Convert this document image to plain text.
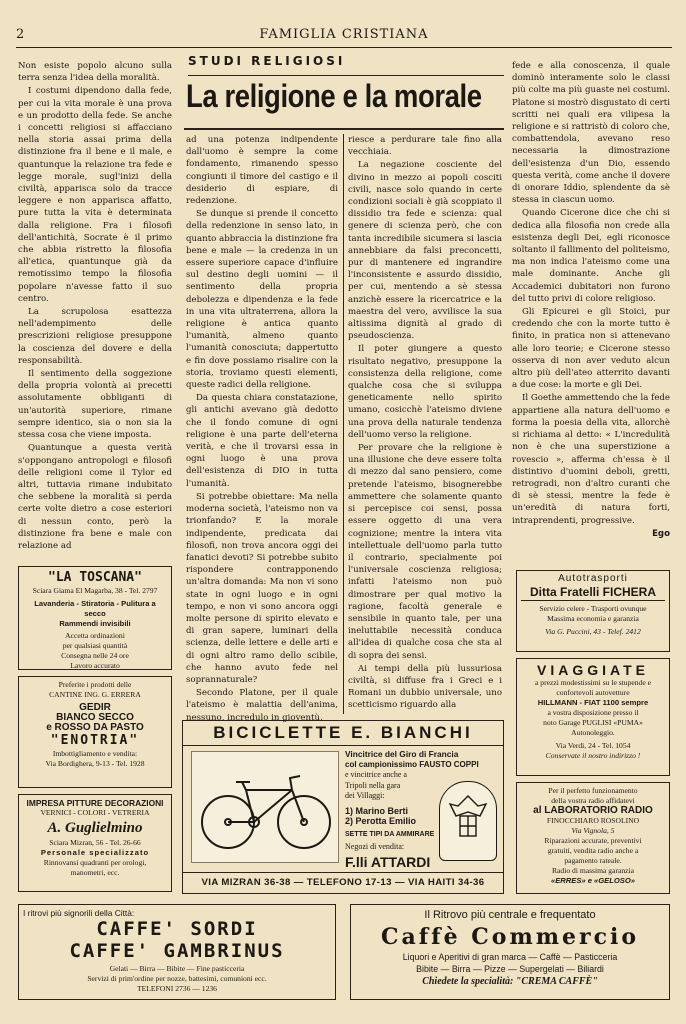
2	FAMIGLIA CRISTIANA

Non esiste popolo alcuno sulla terra senza l'idea della moralità.

I costumi dipendono dalla fede, per cui la vita morale è una prova e un prodotto della fede. Se anche i concetti religiosi si affacciano nella storia assai prima della distinzione fra il bene e il male, e quantunque la relazione tra fede e legge morale, sugl'inizi della civiltà, apparisca solo da tracce leggere e non apparisca affatto, pure tutta la vita è determinata dalla religione. Fra i filosofi dell'antichità, Socrate è il primo che abbia ristretto la filosofia all'etica, quantunque già da remotissimo tempo la filosofia popolare n'avesse fatto il suo centro.

La scrupolosa esattezza nell'adempimento delle prescrizioni religiose presuppone la coscienza del dovere e della responsabilità.

Il sentimento della soggezione della propria volontà ai precetti assolutamente obbliganti di un'autorità superiore, rimane sempre identico, sia o non sia la stessa cosa che viene imposta.

Quantunque a questa verità s'oppongano antropologi e filosofi delle religioni come il Tylor ed altri, tuttavia rimane indubitato che sebbene la moralità si perda certe volte dietro a cose esteriori di nessun conto, però la distinzione fra bene e male con relazione ad

STUDI RELIGIOSI
La religione e la morale

ad una potenza indipendente dall'uomo è sempre la come fondamento, rimanendo spesso congiunti il timore del castigo e il desiderio di espiare, di redenzione.

Se dunque si prende il concetto della redenzione in senso lato, in quanto abbraccia la distinzione fra bene e male — la credenza in un essere superiore capace d'influire sul destino degli uomini — il sentimento della propria debolezza e dipendenza e la fede in una vita ultraterrena, allora la religione è antica quanto l'umanità, almeno quanto l'umanità conosciuta; dappertutto e fin dove possiamo risalire con la storia, troviamo questi elementi, queste radici della religione.

Da questa chiara constatazione, gli antichi avevano già dedotto che il fondo comune di ogni religione è una parte dell'eterna verità, e che il trovarsi essa in ogni luogo è una prova dell'esistenza di DIO in tutta l'umanità.

Si potrebbe obiettare: Ma nella moderna società, l'ateismo non va trionfando? E la morale indipendente, predicata dai filosofi, non trova ancora oggi dei fanatici devoti? Si potrebbe subito rispondere contrapponendo un'altra domanda: Ma non vi sono state in ogni luogo e in ogni tempo, e non vi sono ancora oggi molte persone di spirito elevato e di gran sapere, luminari della scienza, delle lettere e delle arti e di ogni altro ramo dello scibile, che hanno avuto fede nel soprannaturale?

Secondo Platone, per il quale l'ateismo è malattia dell'anima, nessuno, incredulo in gioventù,

riesce a perdurare tale fino alla vecchiaia.

La negazione cosciente del divino in mezzo ai popoli cosciti civili, nasce solo quando in certe condizioni sociali è già scoppiato il dissidio tra fede e scienza: qual genere di scienza però, che con tanta incredibile sicumera si lascia annebbiare da falsi preconcetti, pur di mantenere ed ingrandire l'inconsistente e assurdo dissidio, per cui, mentendo a sè stessa anzichè essere la ricercatrice e la maestra del vero, avvilisce la sua altissima dignità al grado di pseudoscienza.

Il poter giungere a questo risultato negativo, presuppone la consistenza della religione, come qualche cosa che si sviluppa geneticamente nello spirito umano, cosicchè l'ateismo diviene una prova della naturale tendenza dell'uomo verso la religione.

Per provare che la religione è una illusione che deve essere tolta di mezzo dal sano pensiero, come pretende l'ateismo, bisognerebbe ammettere che solamente quanto si percepisce coi sensi, possa essere oggetto di una vera cognizione; mentre la intera vita intellettuale dell'uomo parla tutto il contrario, specialmente poi l'universale coscienza religiosa; infatti l'ateismo non può dimostrare per qual motivo la ragione, facoltà generale e sensibile in quanto tale, per una ineluttabile necessità conduca all'idea di qualche cosa che sta al di sopra dei sensi.

Ai tempi della più lussuriosa civiltà, si diffuse fra i Greci e i Romani un dubbio universale, uno scetticismo riguardo alla

fede e alla conoscenza, il quale dominò interamente solo le classi più colte ma più guaste nei costumi. Platone si mostrò disgustato di certi scritti nei quali era vilipesa la religione e si rattristò di coloro che, combattendola, avevano reso necessaria la dimostrazione dell'esistenza d'un Dio, essendo questa verità, come anche il dovere di onorare Iddio, splendente da sè stessa in ciascun uomo.

Quando Cicerone dice che chi si dedica alla filosofia non crede alla esistenza degli Dei, egli riconosce soltanto il fallimento del politeismo, ma non indica l'ateismo come una male dominante. Anche gli Accademici dubitatori non furono del tutto privi di colore religioso.

Gli Epicurei e gli Stoici, pur credendo che con la morte tutto è finito, in pratica non si attenevano alle loro teorie; e Cicerone stesso osserva di non aver veduto alcun altro più dell'ateo atterrito davanti a due cose: la morte e gli Dei.

Il Goethe ammettendo che la fede appartiene alla natura dell'uomo e forma la poesia della vita, allorchè si richiama al detto: « L'incredulità non è che una superstizione a rovescio », afferma ch'essa è il distintivo d'uomini deboli, gretti, retrogradi, non d'altro curanti che di sè stessi, mentre la fede è un'eredità di natura forti, intraprendenti, progressive.

Ego

"LA TOSCANA"
Sciara Giama El Magarba, 38 - Tel. 2797
Lavanderia - Stiratoria - Pulitura a secco
Rammendi invisibili
Accetta ordinazioni
per qualsiasi quantità
Consegna nelle 24 ore
Lavoro accurato
Preferite i prodotti delle
CANTINE ING. G. ERRERA
GEDIR
BIANCO SECCO
e ROSSO DA PASTO
"ENOTRIA"
Imbottigliamento e vendita:
Via Bordighera, 9-13 - Tel. 1928
IMPRESA PITTURE DECORAZIONI
VERNICI - COLORI - VETRERIA
A. Guglielmino
Sciara Mizran, 56 - Tel. 26-66
Personale specializzato
Rinnovansi quadranti per orologi,
manometri, ecc.
Autotrasporti
Ditta Fratelli FICHERA
Servizio celere - Trasporti ovunque
Massima economia e garanzia
Via G. Puccini, 43 - Telef. 2412
VIAGGIATE
a prezzi modestissimi su le stupende e confortevoli autovetture
HILLMANN - FIAT 1100 sempre
a vostra disposizione presso il
noto Garage PUGLISI «PUMA»
Autonoleggio.
Via Verdi, 24 - Tel. 1054
Conservate il nostro indirizzo !
Per il perfetto funzionamento
della vostra radio affidatevi
al LABORATORIO RADIO
FINOCCHIARO ROSOLINO
Via Vignola, 5
Riparazioni accurate, preventivi
gratuiti, vendita radio anche a
pagamento rateale.
Radio di massima garanzia
«ERRES» e «GELOSO»
BICICLETTE E. BIANCHI
Vincitrice del Giro di Francia
col campionissimo FAUSTO COPPI
e vincitrice anche a
Tripoli nella gara
dei Villaggi:
1) Marino Berti
2) Perotta Emilio
SETTE TIPI DA AMMIRARE
Negozi di vendita:
F.lli ATTARDI
VIA MIZRAN 36-38 — TELEFONO 17-13 — VIA HAITI 34-36
I ritrovi più signorili della Città:
CAFFE' SORDI
CAFFE' GAMBRINUS
Gelati — Birra — Bibite — Fine pasticceria
Servizi di prim'ordine per nozze, battesimi, comunioni ecc.
TELEFONI 2736 — 1236
Il Ritrovo più centrale e frequentato
Caffè Commercio
Liquori e Aperitivi di gran marca — Caffè — Pasticceria
Bibite — Birra — Pizze — Supergelati — Biliardi
Chiedete la specialità: "CREMA CAFFÈ"
